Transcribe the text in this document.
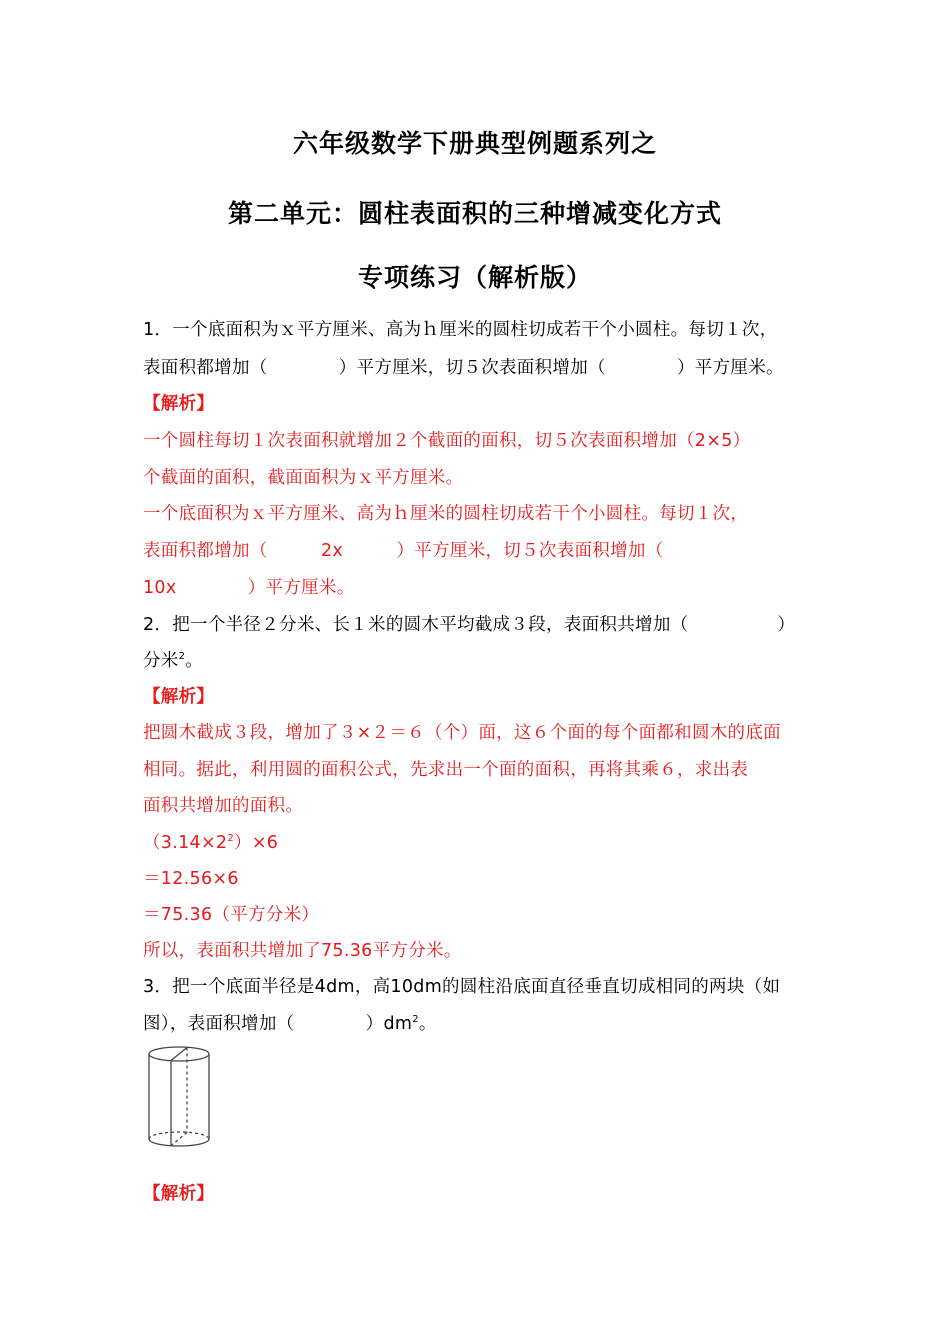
六年级数学下册典型例题系列之
第二单元：圆柱表面积的三种增减变化方式
专项练习（解析版）
1．一个底面积为ｘ平方厘米、高为ｈ厘米的圆柱切成若干个小圆柱。每切１次，
表面积都增加（　　　　）平方厘米，切５次表面积增加（　　　　）平方厘米。
【解析】
一个圆柱每切１次表面积就增加２个截面的面积，切５次表面积增加（2×5）
个截面的面积，截面面积为ｘ平方厘米。
一个底面积为ｘ平方厘米、高为ｈ厘米的圆柱切成若干个小圆柱。每切１次，
表面积都增加（　　　2x　　　）平方厘米，切５次表面积增加（
10x　　　　）平方厘米。
2．把一个半径２分米、长１米的圆木平均截成３段，表面积共增加（　　　　　）
分米$^2$。
【解析】
把圆木截成３段，增加了３×２＝６（个）面，这６个面的每个面都和圆木的底面
相同。据此，利用圆的面积公式，先求出一个面的面积，再将其乘６，求出表
面积共增加的面积。
$(3.14\times 2^2)\times 6$
＝12.56×6
＝75.36（平方分米）
所以，表面积共增加了75.36平方分米。
3．把一个底面半径是4dm，高10dm的圆柱沿底面直径垂直切成相同的两块（如
图），表面积增加（　　　　）$dm^2$。
【解析】
